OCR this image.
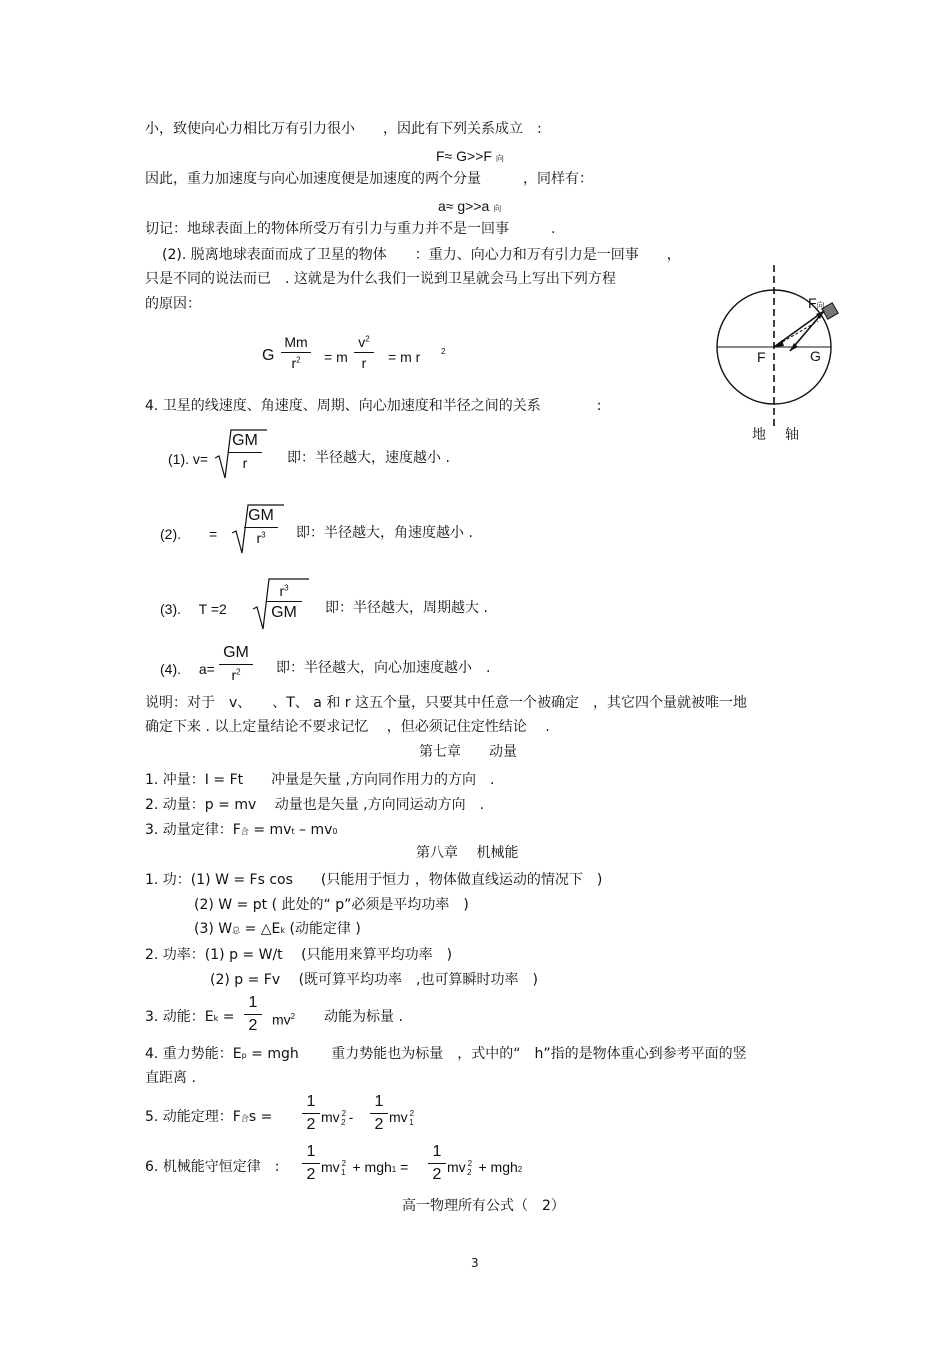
小，致使向心力相比万有引力很小　　，因此有下列关系成立　:
F≈ G>>F 向
因此，重力加速度与向心加速度便是加速度的两个分量　　　，同样有：
a≈ g>>a 向
切记：地球表面上的物体所受万有引力与重力并不是一回事　　　.
(2). 脱离地球表面而成了卫星的物体　　：重力、向心力和万有引力是一回事　　，
只是不同的说法而已　. 这就是为什么我们一说到卫星就会马上写出下列方程
的原因：
G
Mm
$r^2$	= m
$v^2$
r	= m r	2
F向
F	G
地 轴
4. 卫星的线速度、角速度、周期、向心加速度和半径之间的关系　　　　:
(1). v=
GM
r	即：半径越大，速度越小 .
(2).　　=
GM
$r^3$	即：半径越大，角速度越小 .
(3).　 T =2
$r^3$
GM	即：半径越大，周期越大 .
(4).　 a=
GM
$r^2$	即：半径越大，向心加速度越小　.
说明：对于　v、　　、T、 a 和 r 这五个量，只要其中任意一个被确定　，其它四个量就被唯一地
确定下来 . 以上定量结论不要求记忆　 ，但必须记住定性结论　 .
第七章　　动量
1. 冲量：I = Ft　　冲量是矢量 ,方向同作用力的方向　.
2. 动量：p = mv　 动量也是矢量 ,方向同运动方向　.
3. 动量定律：F合 = mvt – mv0
第八章　 机械能
1. 功：(1) W = Fs cos　　(只能用于恒力 ，物体做直线运动的情况下　)
(2) W = pt ( 此处的“ p”必须是平均功率　)
(3) W总 = △Ek (动能定律 )
2. 功率：(1) p = W/t　 (只能用来算平均功率　)
(2) p = Fv　 (既可算平均功率　,也可算瞬时功率　)
3. 动能：Ek =
1
2	$mv^2$ 动能为标量 .
4. 重力势能：Ep = mgh　　 重力势能也为标量　，式中的“　h”指的是物体重心到参考平面的竖
直距离 .
5. 动能定理：F合s =
1
2 mv $^2_2$ -
1
2 mv $^2_1$
6. 机械能守恒定律　:
1
2 mv $^2_1$ + mgh1 =
1
2 mv $^2_2$ + mgh2
高一物理所有公式（　2）
3
